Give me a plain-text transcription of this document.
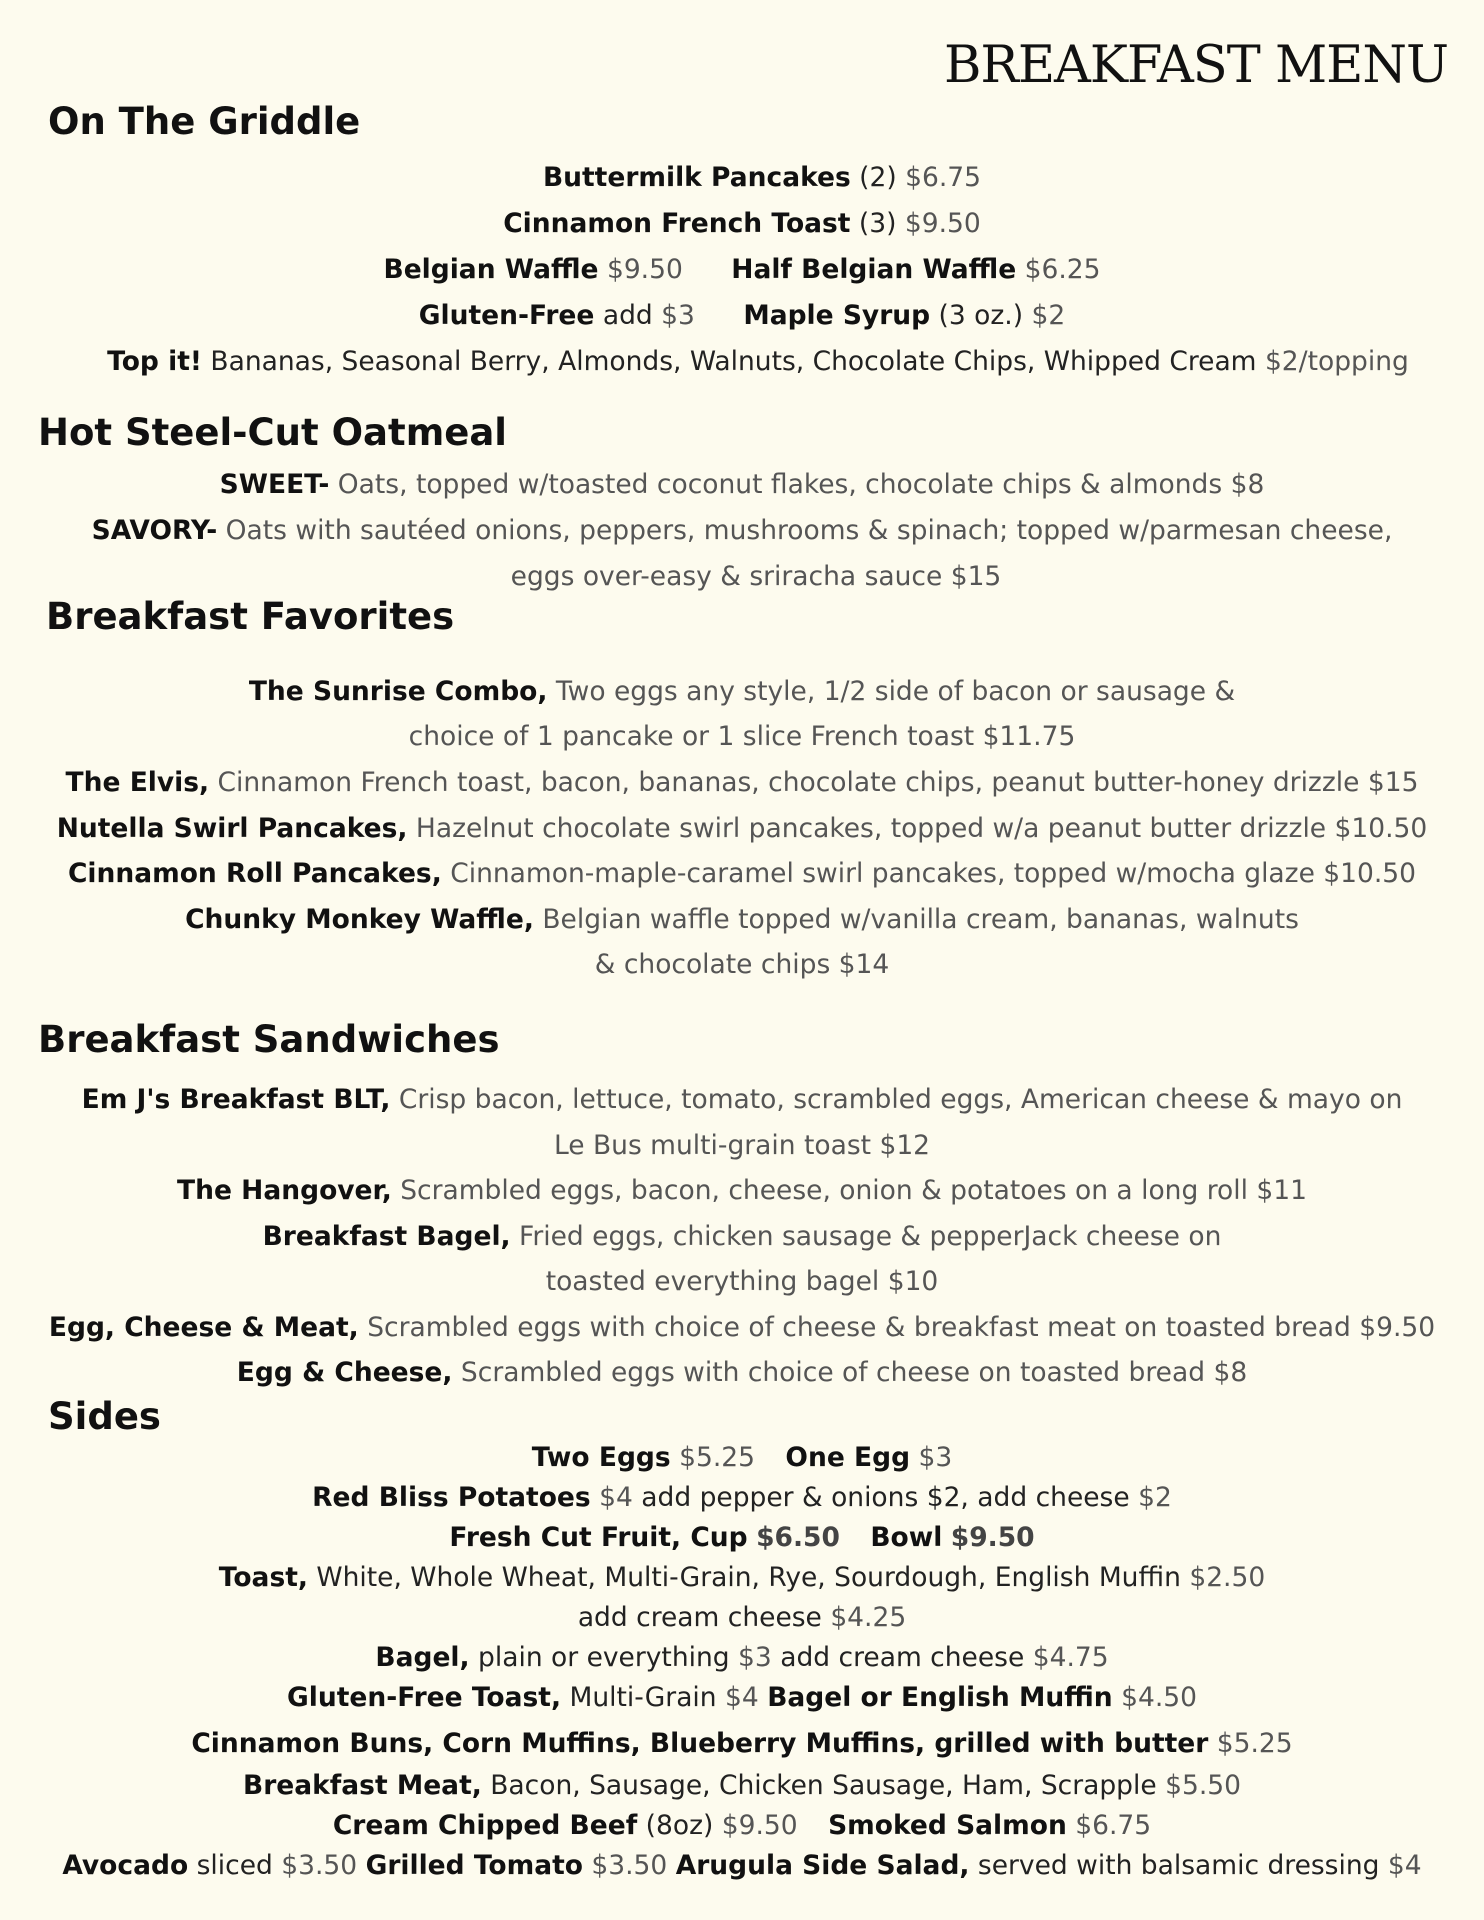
BREAKFAST MENU
On The Griddle
Buttermilk Pancakes (2) $6.75
Cinnamon French Toast (3) $9.50
Belgian Waffle $9.50 Half Belgian Waffle $6.25
Gluten-Free add $3 Maple Syrup (3 oz.) $2
Top it! Bananas, Seasonal Berry, Almonds, Walnuts, Chocolate Chips, Whipped Cream $2/topping
Hot Steel-Cut Oatmeal
SWEET- Oats, topped w/toasted coconut flakes, chocolate chips & almonds $8
SAVORY- Oats with sautéed onions, peppers, mushrooms & spinach; topped w/parmesan cheese,
eggs over-easy & sriracha sauce $15
Breakfast Favorites
The Sunrise Combo, Two eggs any style, 1/2 side of bacon or sausage &
choice of 1 pancake or 1 slice French toast $11.75
The Elvis, Cinnamon French toast, bacon, bananas, chocolate chips, peanut butter-honey drizzle $15
Nutella Swirl Pancakes, Hazelnut chocolate swirl pancakes, topped w/a peanut butter drizzle $10.50
Cinnamon Roll Pancakes, Cinnamon-maple-caramel swirl pancakes, topped w/mocha glaze $10.50
Chunky Monkey Waffle, Belgian waffle topped w/vanilla cream, bananas, walnuts
& chocolate chips $14
Breakfast Sandwiches
Em J's Breakfast BLT, Crisp bacon, lettuce, tomato, scrambled eggs, American cheese & mayo on
Le Bus multi-grain toast $12
The Hangover, Scrambled eggs, bacon, cheese, onion & potatoes on a long roll $11
Breakfast Bagel, Fried eggs, chicken sausage & pepperJack cheese on
toasted everything bagel $10
Egg, Cheese & Meat, Scrambled eggs with choice of cheese & breakfast meat on toasted bread $9.50
Egg & Cheese, Scrambled eggs with choice of cheese on toasted bread $8
Sides
Two Eggs $5.25 One Egg $3
Red Bliss Potatoes $4 add pepper & onions $2, add cheese $2
Fresh Cut Fruit, Cup $6.50 Bowl $9.50
Toast, White, Whole Wheat, Multi-Grain, Rye, Sourdough, English Muffin $2.50
add cream cheese $4.25
Bagel, plain or everything $3 add cream cheese $4.75
Gluten-Free Toast, Multi-Grain $4 Bagel or English Muffin $4.50
Cinnamon Buns, Corn Muffins, Blueberry Muffins, grilled with butter $5.25
Breakfast Meat, Bacon, Sausage, Chicken Sausage, Ham, Scrapple $5.50
Cream Chipped Beef (8oz) $9.50 Smoked Salmon $6.75
Avocado sliced $3.50 Grilled Tomato $3.50 Arugula Side Salad, served with balsamic dressing $4
